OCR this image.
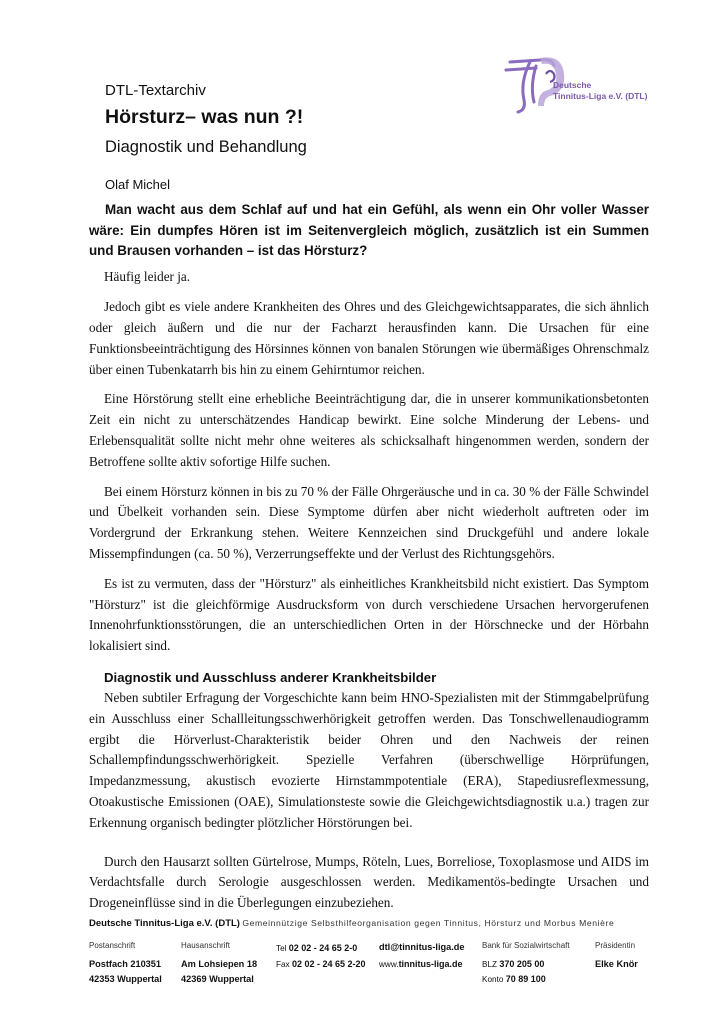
Deutsche
Tinnitus-Liga e.V. (DTL)
DTL-Textarchiv
Hörsturz– was nun ?!
Diagnostik und Behandlung
Olaf Michel

Man wacht aus dem Schlaf auf und hat ein Gefühl, als wenn ein Ohr voller Wasser wäre: Ein dumpfes Hören ist im Seitenvergleich möglich, zusätzlich ist ein Summen und Brausen vorhanden – ist das Hörsturz?

Häufig leider ja.

Jedoch gibt es viele andere Krankheiten des Ohres und des Gleichgewichtsapparates, die sich ähnlich oder gleich äußern und die nur der Facharzt herausfinden kann. Die Ursachen für eine Funktionsbeeinträchtigung des Hörsinnes können von banalen Störungen wie übermäßiges Ohrenschmalz über einen Tubenkatarrh bis hin zu einem Gehirntumor reichen.

Eine Hörstörung stellt eine erhebliche Beeinträchtigung dar, die in unserer kommunikationsbetonten Zeit ein nicht zu unterschätzendes Handicap bewirkt. Eine solche Minderung der Lebens- und Erlebensqualität sollte nicht mehr ohne weiteres als schicksalhaft hingenommen werden, sondern der Betroffene sollte aktiv sofortige Hilfe suchen.

Bei einem Hörsturz können in bis zu 70 % der Fälle Ohrgeräusche und in ca. 30 % der Fälle Schwindel und Übelkeit vorhanden sein. Diese Symptome dürfen aber nicht wiederholt auftreten oder im Vordergrund der Erkrankung stehen. Weitere Kennzeichen sind Druckgefühl und andere lokale Missempfindungen (ca. 50 %), Verzerrungseffekte und der Verlust des Richtungsgehörs.

Es ist zu vermuten, dass der "Hörsturz" als einheitliches Krankheitsbild nicht existiert. Das Symptom "Hörsturz" ist die gleichförmige Ausdrucksform von durch verschiedene Ursachen hervorgerufenen Innenohrfunktionsstörungen, die an unterschiedlichen Orten in der Hörschnecke und der Hörbahn lokalisiert sind.

Diagnostik und Ausschluss anderer Krankheitsbilder

Neben subtiler Erfragung der Vorgeschichte kann beim HNO-Spezialisten mit der Stimmgabelprüfung ein Ausschluss einer Schallleitungsschwerhörigkeit getroffen werden. Das Tonschwellenaudiogramm ergibt die Hörverlust-Charakteristik beider Ohren und den Nachweis der reinen Schallempfindungsschwerhörigkeit. Spezielle Verfahren (überschwellige Hörprüfungen, Impedanzmessung, akustisch evozierte Hirnstammpotentiale (ERA), Stapediusreflexmessung, Otoakustische Emissionen (OAE), Simulationsteste sowie die Gleichgewichtsdiagnostik u.a.) tragen zur Erkennung organisch bedingter plötzlicher Hörstörungen bei.

Durch den Hausarzt sollten Gürtelrose, Mumps, Röteln, Lues, Borreliose, Toxoplasmose und AIDS im Verdachtsfalle durch Serologie ausgeschlossen werden. Medikamentös-bedingte Ursachen und Drogeneinflüsse sind in die Überlegungen einzubeziehen.

Deutsche Tinnitus-Liga e.V. (DTL) Gemeinnützige Selbsthilfeorganisation gegen Tinnitus, Hörsturz und Morbus Menière
Postanschrift
Postfach 210351
42353 Wuppertal
Hausanschrift
Am Lohsiepen 18
42369 Wuppertal
Tel 02 02 - 24 65 2-0
Fax 02 02 - 24 65 2-20
dtl@tinnitus-liga.de
www.tinnitus-liga.de
Bank für Sozialwirtschaft
BLZ 370 205 00
Konto 70 89 100
Präsidentin
Elke Knör
